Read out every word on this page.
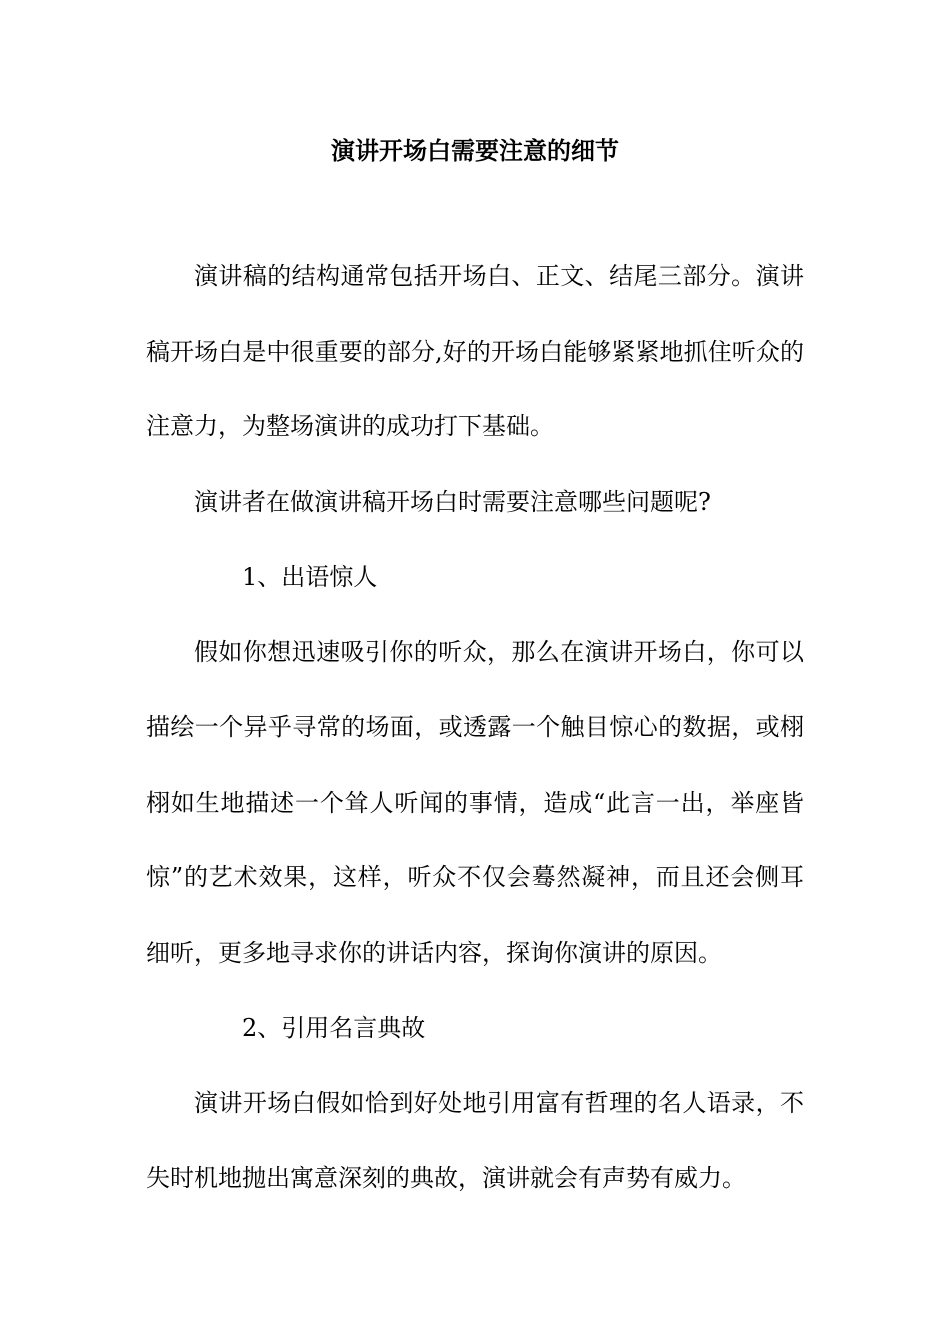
演讲开场白需要注意的细节
演讲稿的结构通常包括开场白、正文、结尾三部分。演讲
稿开场白是中很重要的部分,好的开场白能够紧紧地抓住听众的
注意力，为整场演讲的成功打下基础。
演讲者在做演讲稿开场白时需要注意哪些问题呢?
1、出语惊人
假如你想迅速吸引你的听众，那么在演讲开场白，你可以
描绘一个异乎寻常的场面，或透露一个触目惊心的数据，或栩
栩如生地描述一个耸人听闻的事情，造成“此言一出，举座皆
惊”的艺术效果，这样，听众不仅会蓦然凝神，而且还会侧耳
细听，更多地寻求你的讲话内容，探询你演讲的原因。
2、引用名言典故
演讲开场白假如恰到好处地引用富有哲理的名人语录，不
失时机地抛出寓意深刻的典故，演讲就会有声势有威力。
